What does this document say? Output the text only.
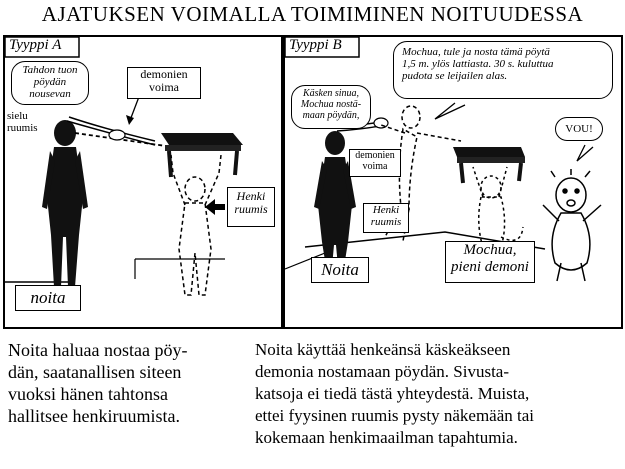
AJATUKSEN VOIMALLA TOIMIMINEN NOITUUDESSA
Tyyppi A
Tahdon tuon
pöydän
nousevan
sielu
ruumis
demonien
voima
Henki
ruumis
noita
Tyyppi B
Käsken sinua,
Mochua nostä-
maan pöydän,
Mochua, tule ja nosta tämä pöytä
1,5 m. ylös lattiasta. 30 s. kuluttua
pudota se leijailen alas.
demonien
voima
Henki
ruumis
Noita
Mochua,
pieni demoni
VOU!
Noita haluaa nostaa pöy-
dän, saatanallisen siteen
vuoksi hänen tahtonsa
hallitsee henkiruumista.
Noita käyttää henkeänsä käskeäkseen
demonia nostamaan pöydän. Sivusta-
katsoja ei tiedä tästä yhteydestä. Muista,
ettei fyysinen ruumis pysty näkemään tai
kokemaan henkimaailman tapahtumia.
